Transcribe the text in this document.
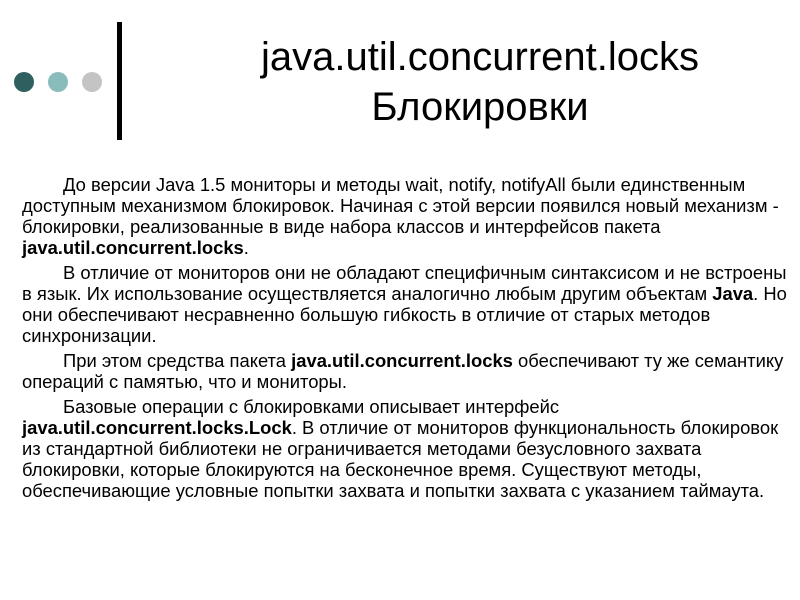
java.util.concurrent.locks
Блокировки

До версии Java 1.5 мониторы и методы wait, notify, notifyAll были единственным доступным механизмом блокировок. Начиная с этой версии появился новый механизм - блокировки, реализованные в виде набора классов и интерфейсов пакета java.util.concurrent.locks.

В отличие от мониторов они не обладают специфичным синтаксисом и не встроены в язык. Их использование осуществляется аналогично любым другим объектам Java. Но они обеспечивают несравненно большую гибкость в отличие от старых методов синхронизации.

При этом средства пакета java.util.concurrent.locks обеспечивают ту же семантику операций с памятью, что и мониторы.

Базовые операции с блокировками описывает интерфейс java.util.concurrent.locks.Lock. В отличие от мониторов функциональность блокировок из стандартной библиотеки не ограничивается методами безусловного захвата блокировки, которые блокируются на бесконечное время. Существуют методы, обеспечивающие условные попытки захвата и попытки захвата с указанием таймаута.
